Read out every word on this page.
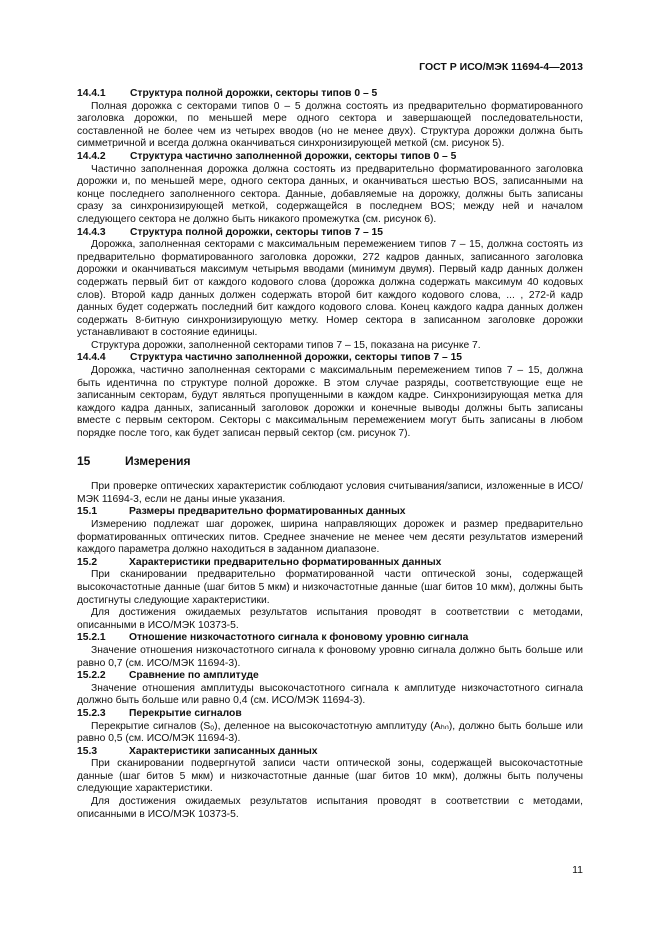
ГОСТ Р ИСО/МЭК 11694-4—2013
14.4.1 Структура полной дорожки, секторы типов 0 – 5

Полная дорожка с секторами типов 0 – 5 должна состоять из предварительно форматированного заголовка дорожки, по меньшей мере одного сектора и завершающей последовательности, составленной не более чем из четырех вводов (но не менее двух). Структура дорожки должна быть симметричной и всегда должна оканчиваться синхронизирующей меткой (см. рисунок 5).

14.4.2 Структура частично заполненной дорожки, секторы типов 0 – 5

Частично заполненная дорожка должна состоять из предварительно форматированного заголовка дорожки и, по меньшей мере, одного сектора данных, и оканчиваться шестью BOS, записанными на конце последнего заполненного сектора. Данные, добавляемые на дорожку, должны быть записаны сразу за синхронизирующей меткой, содержащейся в последнем BOS; между ней и началом следующего сектора не должно быть никакого промежутка (см. рисунок 6).

14.4.3 Структура полной дорожки, секторы типов 7 – 15

Дорожка, заполненная секторами с максимальным перемежением типов 7 – 15, должна состоять из предварительно форматированного заголовка дорожки, 272 кадров данных, записанного заголовка дорожки и оканчиваться максимум четырьмя вводами (минимум двумя). Первый кадр данных должен содержать первый бит от каждого кодового слова (дорожка должна содержать максимум 40 кодовых слов). Второй кадр данных должен содержать второй бит каждого кодового слова, ... , 272-й кадр данных будет содержать последний бит каждого кодового слова. Конец каждого кадра данных должен содержать 8-битную синхронизирующую метку. Номер сектора в записанном заголовке дорожки устанавливают в состояние единицы.

Структура дорожки, заполненной секторами типов 7 – 15, показана на рисунке 7.

14.4.4 Структура частично заполненной дорожки, секторы типов 7 – 15

Дорожка, частично заполненная секторами с максимальным перемежением типов 7 – 15, должна быть идентична по структуре полной дорожке. В этом случае разряды, соответствующие еще не записанным секторам, будут являться пропущенными в каждом кадре. Синхронизирующая метка для каждого кадра данных, записанный заголовок дорожки и конечные выводы должны быть записаны вместе с первым сектором. Секторы с максимальным перемежением могут быть записаны в любом порядке после того, как будет записан первый сектор (см. рисунок 7).

15	Измерения

При проверке оптических характеристик соблюдают условия считывания/записи, изложенные в ИСО/МЭК 11694-3, если не даны иные указания.

15.1	Размеры предварительно форматированных данных

Измерению подлежат шаг дорожек, ширина направляющих дорожек и размер предварительно форматированных оптических питов. Среднее значение не менее чем десяти результатов измерений каждого параметра должно находиться в заданном диапазоне.

15.2	Характеристики предварительно форматированных данных

При сканировании предварительно форматированной части оптической зоны, содержащей высокочастотные данные (шаг битов 5 мкм) и низкочастотные данные (шаг битов 10 мкм), должны быть достигнуты следующие характеристики.

Для достижения ожидаемых результатов испытания проводят в соответствии с методами, описанными в ИСО/МЭК 10373-5.

15.2.1 Отношение низкочастотного сигнала к фоновому уровню сигнала

Значение отношения низкочастотного сигнала к фоновому уровню сигнала должно быть больше или равно 0,7 (см. ИСО/МЭК 11694-3).

15.2.2 Сравнение по амплитуде

Значение отношения амплитуды высокочастотного сигнала к амплитуде низкочастотного сигнала должно быть больше или равно 0,4 (см. ИСО/МЭК 11694-3).

15.2.3 Перекрытие сигналов

Перекрытие сигналов (Sₒ), деленное на высокочастотную амплитуду (Aₕₙ), должно быть больше или равно 0,5 (см. ИСО/МЭК 11694-3).

15.3	Характеристики записанных данных

При сканировании подвергнутой записи части оптической зоны, содержащей высокочастотные данные (шаг битов 5 мкм) и низкочастотные данные (шаг битов 10 мкм), должны быть получены следующие характеристики.

Для достижения ожидаемых результатов испытания проводят в соответствии с методами, описанными в ИСО/МЭК 10373-5.

11
